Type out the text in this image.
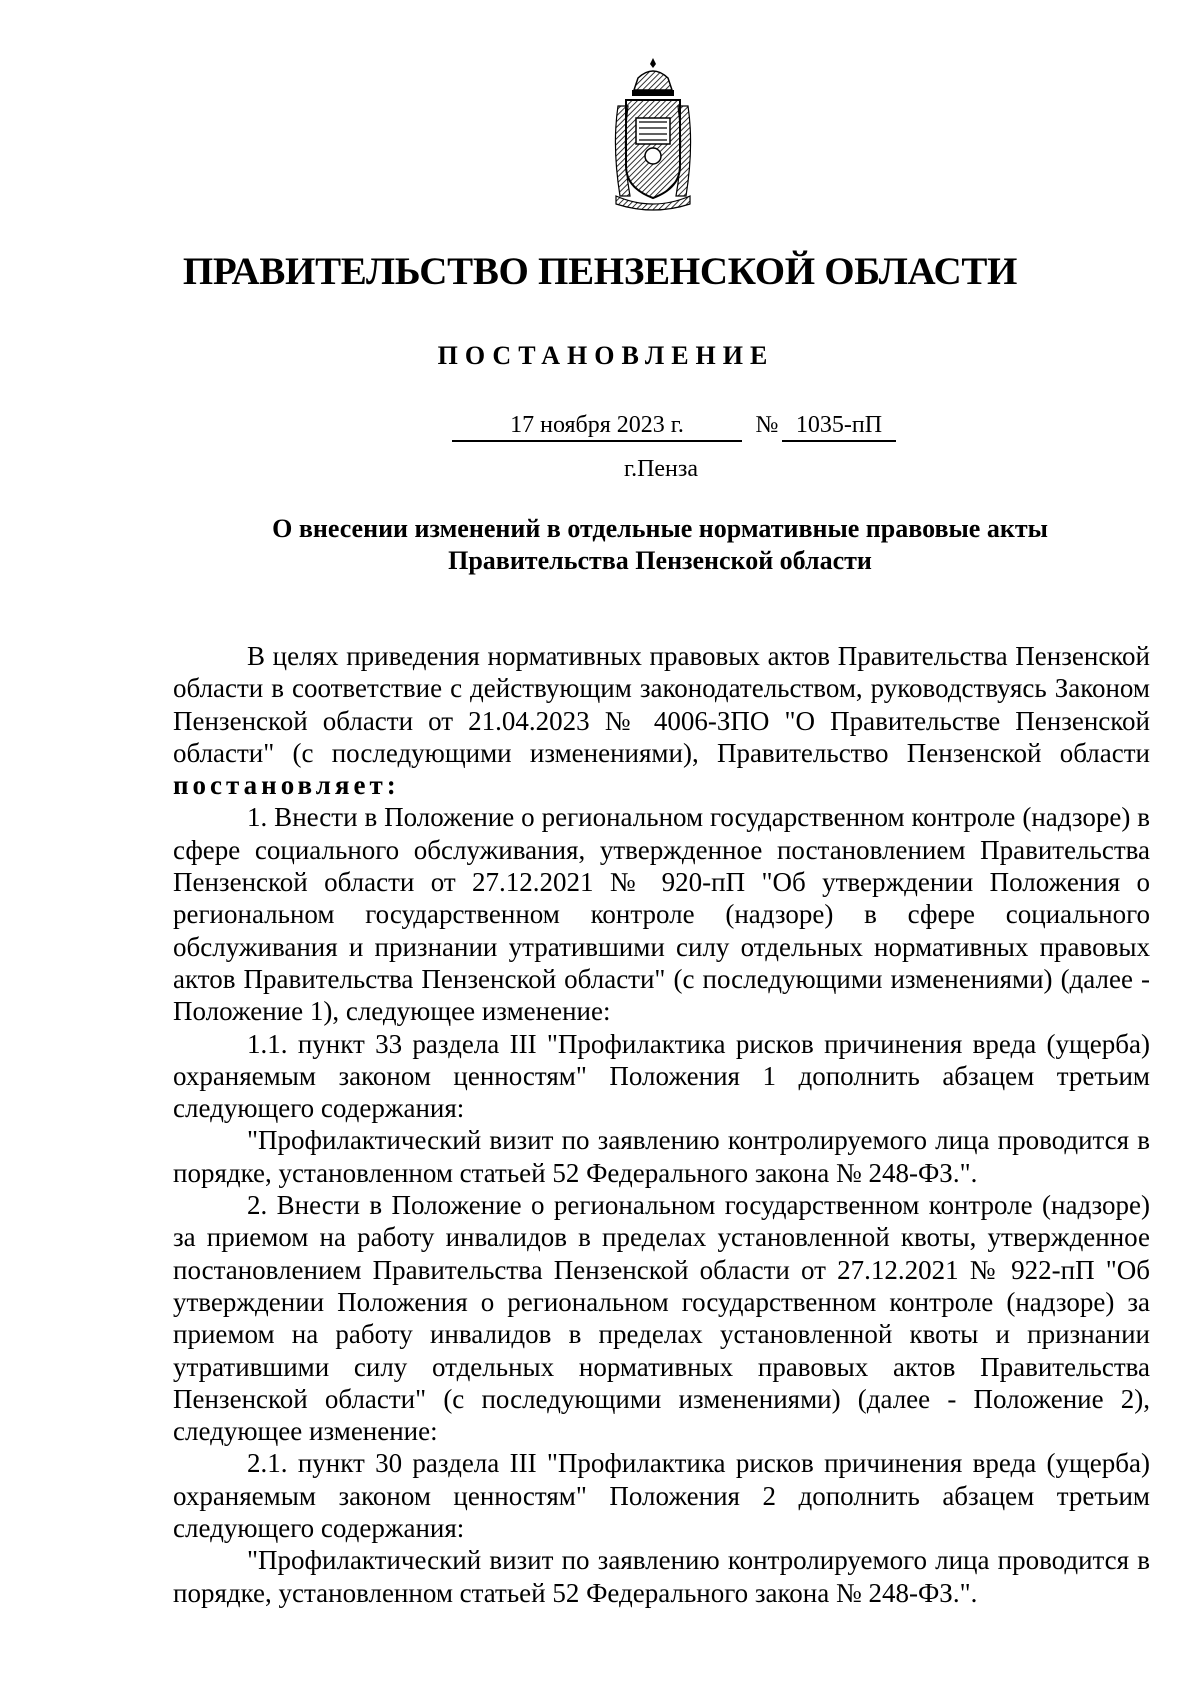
ПРАВИТЕЛЬСТВО ПЕНЗЕНСКОЙ ОБЛАСТИ
ПОСТАНОВЛЕНИЕ
17 ноября 2023 г.	№ 1035-пП
г.Пенза
О внесении изменений в отдельные нормативные правовые акты
Правительства Пензенской области

В целях приведения нормативных правовых актов Правительства Пензенской области в соответствие с действующим законодательством, руководствуясь Законом Пензенской области от 21.04.2023 № 4006-ЗПО "О Правительстве Пензенской области" (с последующими изменениями), Правительство Пензенской области постановляет:

1. Внести в Положение о региональном государственном контроле (надзоре) в сфере социального обслуживания, утвержденное постановлением Правительства Пензенской области от 27.12.2021 № 920-пП "Об утверждении Положения о региональном государственном контроле (надзоре) в сфере социального обслуживания и признании утратившими силу отдельных нормативных правовых актов Правительства Пензенской области" (с последующими изменениями) (далее - Положение 1), следующее изменение:

1.1. пункт 33 раздела III "Профилактика рисков причинения вреда (ущерба) охраняемым законом ценностям" Положения 1 дополнить абзацем третьим следующего содержания:

"Профилактический визит по заявлению контролируемого лица проводится в порядке, установленном статьей 52 Федерального закона № 248-ФЗ.".

2. Внести в Положение о региональном государственном контроле (надзоре) за приемом на работу инвалидов в пределах установленной квоты, утвержденное постановлением Правительства Пензенской области от 27.12.2021 № 922-пП "Об утверждении Положения о региональном государственном контроле (надзоре) за приемом на работу инвалидов в пределах установленной квоты и признании утратившими силу отдельных нормативных правовых актов Правительства Пензенской области" (с последующими изменениями) (далее - Положение 2), следующее изменение:

2.1. пункт 30 раздела III "Профилактика рисков причинения вреда (ущерба) охраняемым законом ценностям" Положения 2 дополнить абзацем третьим следующего содержания:

"Профилактический визит по заявлению контролируемого лица проводится в порядке, установленном статьей 52 Федерального закона № 248-ФЗ.".
